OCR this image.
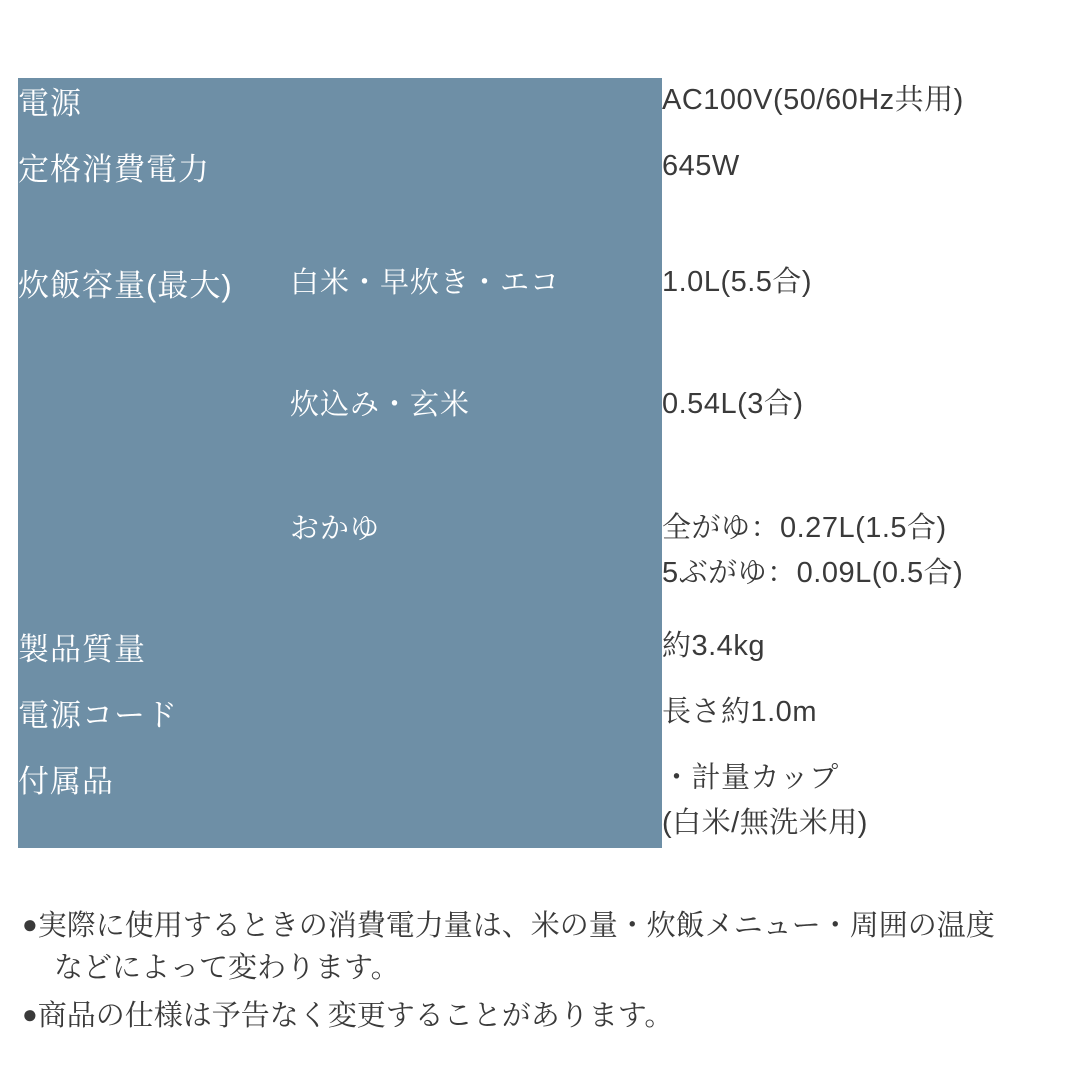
電源		AC100V(50/60Hz共用)

定格消費電力		645W

炊飯容量(最大)	白米・早炊き・エコ	1.0L(5.5合)

	炊込み・玄米	0.54L(3合)

	おかゆ	全がゆ：0.27L(1.5合)
5ぶがゆ：0.09L(0.5合)

製品質量		約3.4kg

電源コード		長さ約1.0m

付属品		・計量カップ
(白米/無洗米用)
●実際に使用するときの消費電力量は、米の量・炊飯メニュー・周囲の温度
などによって変わります。
●商品の仕様は予告なく変更することがあります。
